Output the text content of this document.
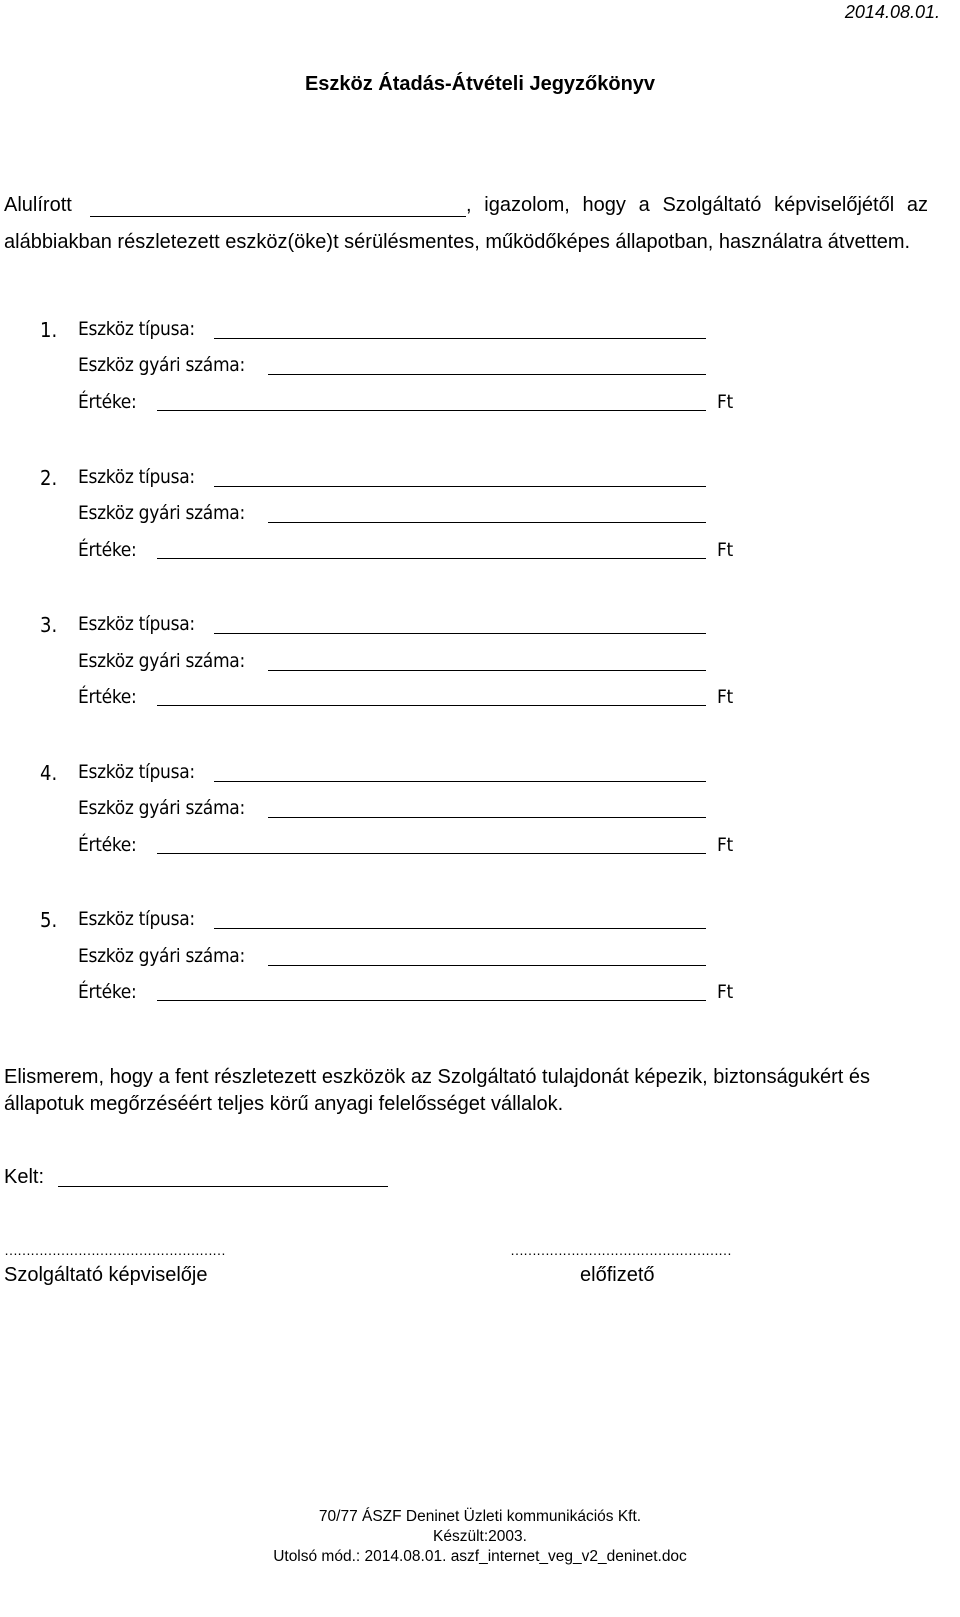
2014.08.01.
Eszköz Átadás-Átvételi Jegyzőkönyv
Alulírott	, igazolom, hogy a Szolgáltató képviselőjétől az
alábbiakban részletezett eszköz(öke)t sérülésmentes, működőképes állapotban, használatra átvettem.
1. Eszköz típusa:
Eszköz gyári száma:
Értéke:	Ft
2. Eszköz típusa:
Eszköz gyári száma:
Értéke:	Ft
3. Eszköz típusa:
Eszköz gyári száma:
Értéke:	Ft
4. Eszköz típusa:
Eszköz gyári száma:
Értéke:	Ft
5. Eszköz típusa:
Eszköz gyári száma:
Értéke:	Ft
Elismerem, hogy a fent részletezett eszközök az Szolgáltató tulajdonát képezik, biztonságukért és
állapotuk megőrzéséért teljes körű anyagi felelősséget vállalok.
Kelt:
……………………………………………	……………………………………………
Szolgáltató képviselője	előfizető
70/77 ÁSZF Deninet Üzleti kommunikációs Kft.
Készült:2003.
Utolsó mód.: 2014.08.01. aszf_internet_veg_v2_deninet.doc
